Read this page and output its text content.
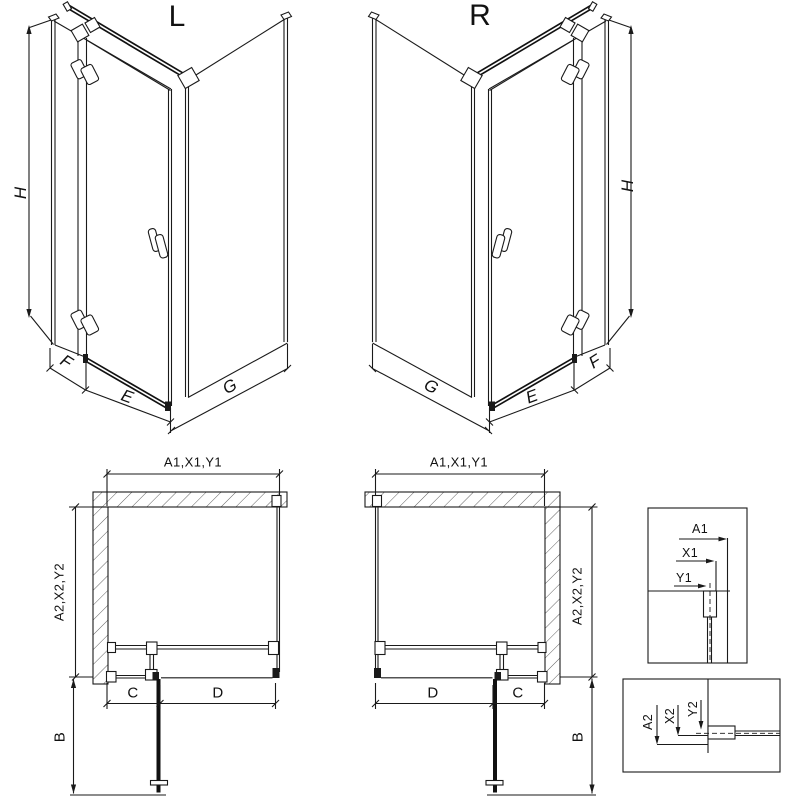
L	R
H
H
F
E	G	G	E
F
A1,X1,Y1	A1,X1,Y1
A2,X2,Y2	A2,X2,Y2
C	D
B
D	C
B
A1
X1
Y1
A2 X2 Y2
